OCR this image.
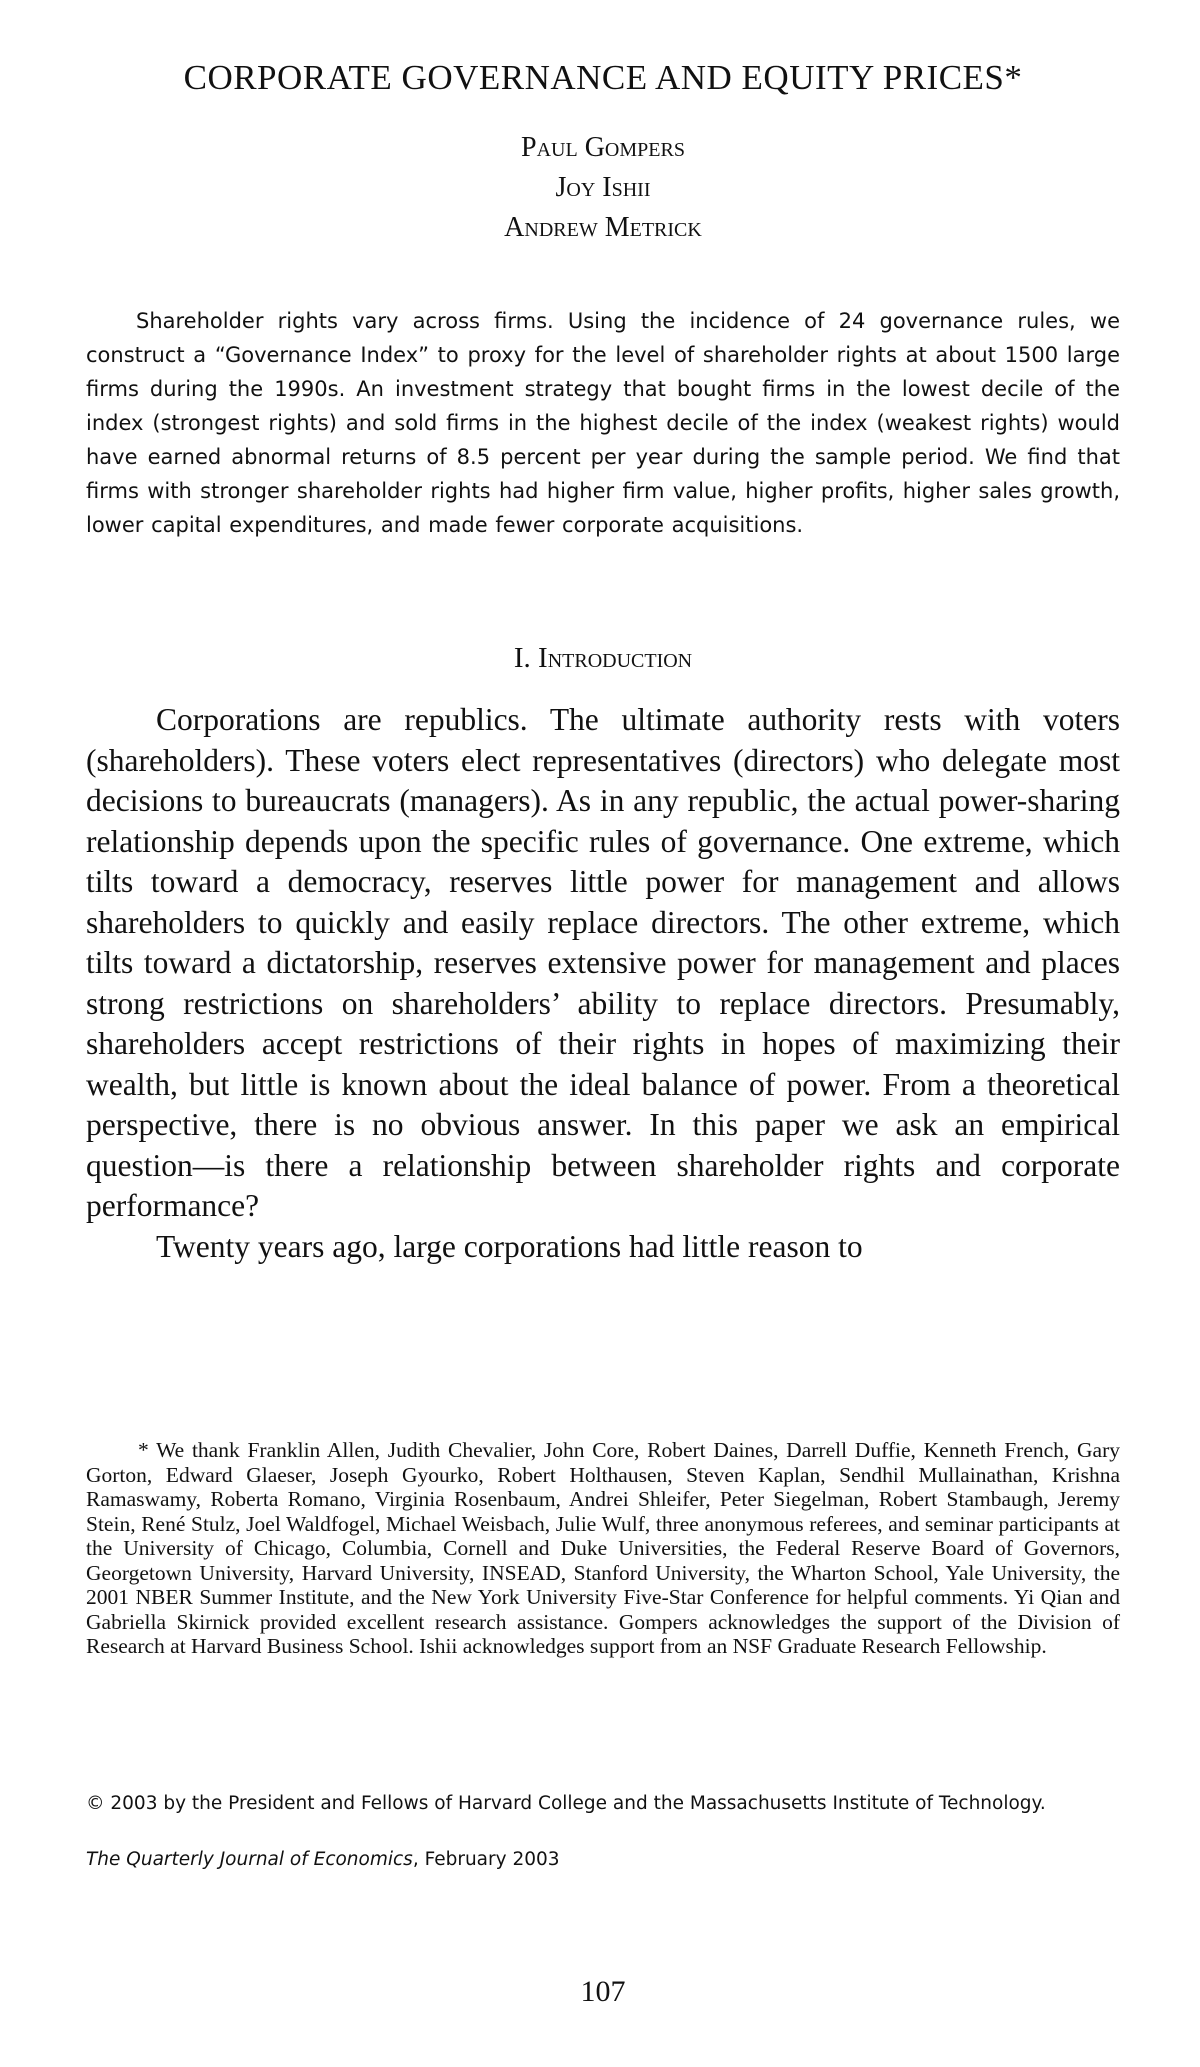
CORPORATE GOVERNANCE AND EQUITY PRICES*
Paul Gompers
Joy Ishii
Andrew Metrick
Shareholder rights vary across firms. Using the incidence of 24 governance rules, we construct a “Governance Index” to proxy for the level of shareholder rights at about 1500 large firms during the 1990s. An investment strategy that bought firms in the lowest decile of the index (strongest rights) and sold firms in the highest decile of the index (weakest rights) would have earned abnormal returns of 8.5 percent per year during the sample period. We find that firms with stronger shareholder rights had higher firm value, higher profits, higher sales growth, lower capital expenditures, and made fewer corporate acquisitions.
I. Introduction

Corporations are republics. The ultimate authority rests with voters (shareholders). These voters elect representatives (directors) who delegate most decisions to bureaucrats (managers). As in any republic, the actual power-sharing relationship depends upon the specific rules of governance. One extreme, which tilts toward a democracy, reserves little power for management and allows shareholders to quickly and easily replace directors. The other extreme, which tilts toward a dictatorship, reserves extensive power for management and places strong restrictions on shareholders’ ability to replace directors. Presumably, shareholders accept restrictions of their rights in hopes of maximizing their wealth, but little is known about the ideal balance of power. From a theoretical perspective, there is no obvious answer. In this paper we ask an empirical question—is there a relationship between shareholder rights and corporate performance?

Twenty years ago, large corporations had little reason to

* We thank Franklin Allen, Judith Chevalier, John Core, Robert Daines, Darrell Duffie, Kenneth French, Gary Gorton, Edward Glaeser, Joseph Gyourko, Robert Holthausen, Steven Kaplan, Sendhil Mullainathan, Krishna Ramaswamy, Roberta Romano, Virginia Rosenbaum, Andrei Shleifer, Peter Siegelman, Robert Stambaugh, Jeremy Stein, René Stulz, Joel Waldfogel, Michael Weisbach, Julie Wulf, three anonymous referees, and seminar participants at the University of Chicago, Columbia, Cornell and Duke Universities, the Federal Reserve Board of Governors, Georgetown University, Harvard University, INSEAD, Stanford University, the Wharton School, Yale University, the 2001 NBER Summer Institute, and the New York University Five-Star Conference for helpful comments. Yi Qian and Gabriella Skirnick provided excellent research assistance. Gompers acknowledges the support of the Division of Research at Harvard Business School. Ishii acknowledges support from an NSF Graduate Research Fellowship.
© 2003 by the President and Fellows of Harvard College and the Massachusetts Institute of Technology.
The Quarterly Journal of Economics, February 2003
107
